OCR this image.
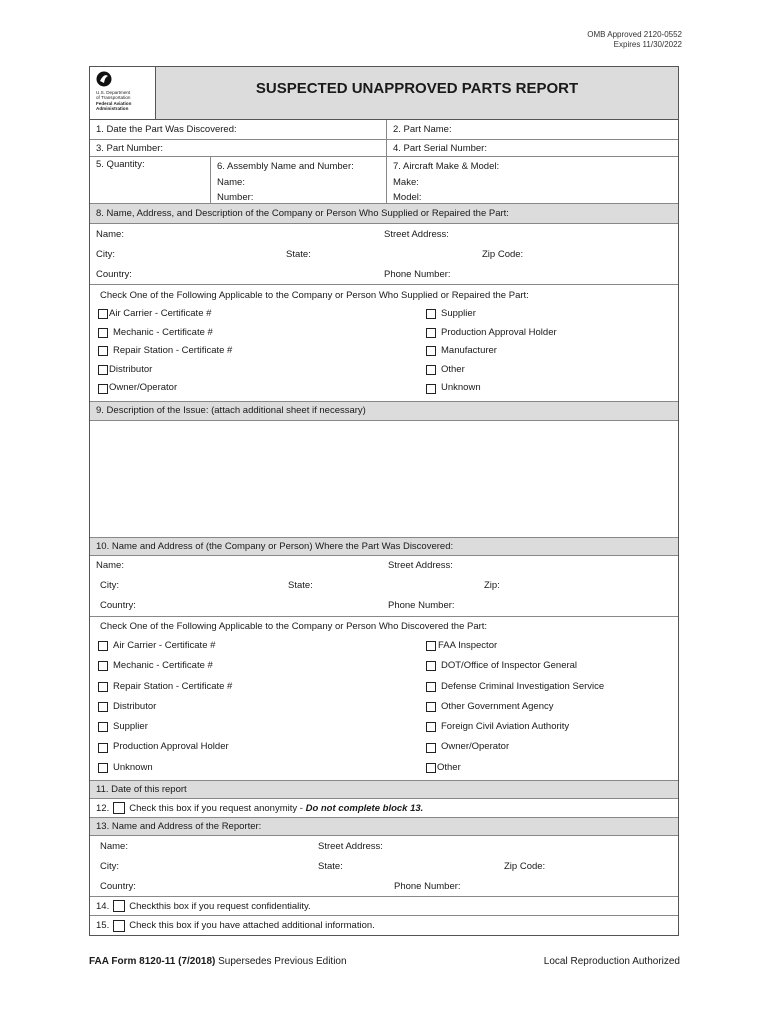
OMB Approved 2120-0552
Expires 11/30/2022
U.S. Department
of Transportation
Federal Aviation
Administration
SUSPECTED UNAPPROVED PARTS REPORT
1. Date the Part Was Discovered:	2. Part Name:
3. Part Number:	4. Part Serial Number:
5. Quantity:	6. Assembly Name and Number:
Name:
Number:
7. Aircraft Make & Model:
Make:
Model:
8. Name, Address, and Description of the Company or Person Who Supplied or Repaired the Part:
Name:	Street Address:
City:	State:	Zip Code:
Country:	Phone Number:
Check One of the Following Applicable to the Company or Person Who Supplied or Repaired the Part:
Air Carrier - Certificate #
Mechanic - Certificate #
Repair Station - Certificate #
Distributor
Owner/Operator
Supplier
Production Approval Holder
Manufacturer
Other
Unknown
9. Description of the Issue: (attach additional sheet if necessary)
10. Name and Address of (the Company or Person) Where the Part Was Discovered:
Name:	Street Address:
City:	State:	Zip:
Country:	Phone Number:
Check One of the Following Applicable to the Company or Person Who Discovered the Part:
Air Carrier - Certificate #
Mechanic - Certificate #
Repair Station - Certificate #
Distributor
Supplier
Production Approval Holder
Unknown
FAA Inspector
DOT/Office of Inspector General
Defense Criminal Investigation Service
Other Government Agency
Foreign Civil Aviation Authority
Owner/Operator
Other
11. Date of this report
12. Check this box if you request anonymity - Do not complete block 13.
13. Name and Address of the Reporter:
Name:	Street Address:
City:	State:	Zip Code:
Country:	Phone Number:
14. Checkthis box if you request confidentiality.
15. Check this box if you have attached additional information.
FAA Form 8120-11 (7/2018) Supersedes Previous Edition	Local Reproduction Authorized
